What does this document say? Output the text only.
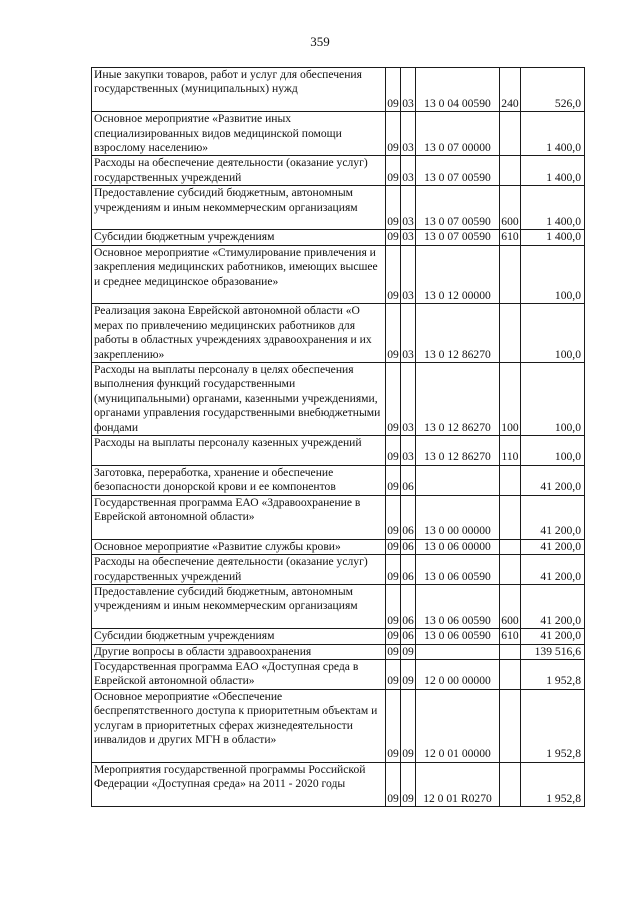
359
Иные закупки товаров, работ и услуг для обеспечения государственных (муниципальных) нужд	09	03	13 0 04 00590	240	526,0
Основное мероприятие «Развитие иных специализированных видов медицинской помощи взрослому населению»	09	03	13 0 07 00000		1 400,0
Расходы на обеспечение деятельности (оказание услуг) государственных учреждений	09	03	13 0 07 00590		1 400,0
Предоставление субсидий бюджетным, автономным учреждениям и иным некоммерческим организациям	09	03	13 0 07 00590	600	1 400,0
Субсидии бюджетным учреждениям	09	03	13 0 07 00590	610	1 400,0
Основное мероприятие «Стимулирование привлечения и закрепления медицинских работников, имеющих высшее и среднее медицинское образование»	09	03	13 0 12 00000		100,0
Реализация закона Еврейской автономной области «О мерах по привлечению медицинских работников для работы в областных учреждениях здравоохранения и их закреплению»	09	03	13 0 12 86270		100,0
Расходы на выплаты персоналу в целях обеспечения выполнения функций государственными (муниципальными) органами, казенными учреждениями, органами управления государственными внебюджетными фондами	09	03	13 0 12 86270	100	100,0
Расходы на выплаты персоналу казенных учреждений	09	03	13 0 12 86270	110	100,0
Заготовка, переработка, хранение и обеспечение безопасности донорской крови и ее компонентов	09	06			41 200,0
Государственная программа ЕАО «Здравоохранение в Еврейской автономной области»	09	06	13 0 00 00000		41 200,0
Основное мероприятие «Развитие службы крови»	09	06	13 0 06 00000		41 200,0
Расходы на обеспечение деятельности (оказание услуг) государственных учреждений	09	06	13 0 06 00590		41 200,0
Предоставление субсидий бюджетным, автономным учреждениям и иным некоммерческим организациям	09	06	13 0 06 00590	600	41 200,0
Субсидии бюджетным учреждениям	09	06	13 0 06 00590	610	41 200,0
Другие вопросы в области здравоохранения	09	09			139 516,6
Государственная программа ЕАО «Доступная среда в Еврейской автономной области»	09	09	12 0 00 00000		1 952,8
Основное мероприятие «Обеспечение беспрепятственного доступа к приоритетным объектам и услугам в приоритетных сферах жизнедеятельности инвалидов и других МГН в области»	09	09	12 0 01 00000		1 952,8
Мероприятия государственной программы Российской Федерации «Доступная среда» на 2011 - 2020 годы	09	09	12 0 01 R0270		1 952,8
